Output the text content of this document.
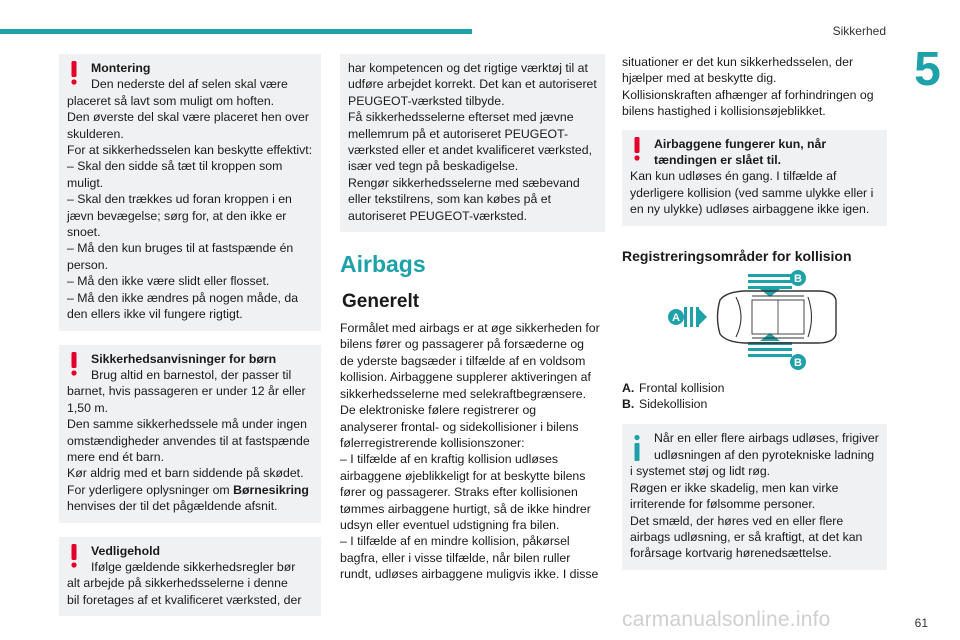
Sikkerhed
5
Montering
Den nederste del af selen skal være
placeret så lavt som muligt om hoften.
Den øverste del skal være placeret hen over
skulderen.
For at sikkerhedsselen kan beskytte effektivt:
– Skal den sidde så tæt til kroppen som
muligt.
– Skal den trækkes ud foran kroppen i en
jævn bevægelse; sørg for, at den ikke er
snoet.
– Må den kun bruges til at fastspænde én
person.
– Må den ikke være slidt eller flosset.
– Må den ikke ændres på nogen måde, da
den ellers ikke vil fungere rigtigt.
Sikkerhedsanvisninger for børn
Brug altid en barnestol, der passer til
barnet, hvis passageren er under 12 år eller
1,50 m.
Den samme sikkerhedssele må under ingen
omstændigheder anvendes til at fastspænde
mere end ét barn.
Kør aldrig med et barn siddende på skødet.
For yderligere oplysninger om Børnesikring
henvises der til det pågældende afsnit.
Vedligehold
Ifølge gældende sikkerhedsregler bør
alt arbejde på sikkerhedsselerne i denne
bil foretages af et kvalificeret værksted, der
har kompetencen og det rigtige værktøj til at
udføre arbejdet korrekt. Det kan et autoriseret
PEUGEOT-værksted tilbyde.
Få sikkerhedsselerne efterset med jævne
mellemrum på et autoriseret PEUGEOT-
værksted eller et andet kvalificeret værksted,
især ved tegn på beskadigelse.
Rengør sikkerhedsselerne med sæbevand
eller tekstilrens, som kan købes på et
autoriseret PEUGEOT-værksted.
Airbags
Generelt
Formålet med airbags er at øge sikkerheden for
bilens fører og passagerer på forsæderne og
de yderste bagsæder i tilfælde af en voldsom
kollision. Airbaggene supplerer aktiveringen af
sikkerhedsselerne med selekraftbegrænsere.
De elektroniske følere registrerer og
analyserer frontal- og sidekollisioner i bilens
følerregistrerende kollisionszoner:
– I tilfælde af en kraftig kollision udløses
airbaggene øjeblikkeligt for at beskytte bilens
fører og passagerer. Straks efter kollisionen
tømmes airbaggene hurtigt, så de ikke hindrer
udsyn eller eventuel udstigning fra bilen.
– I tilfælde af en mindre kollision, påkørsel
bagfra, eller i visse tilfælde, når bilen ruller
rundt, udløses airbaggene muligvis ikke. I disse
situationer er det kun sikkerhedsselen, der
hjælper med at beskytte dig.
Kollisionskraften afhænger af forhindringen og
bilens hastighed i kollisionsøjeblikket.
Airbaggene fungerer kun, når
tændingen er slået til.
Kan kun udløses én gang. I tilfælde af
yderligere kollision (ved samme ulykke eller i
en ny ulykke) udløses airbaggene ikke igen.
Registreringsområder for kollision
B
B
A
A. Frontal kollision
B. Sidekollision
Når en eller flere airbags udløses, frigiver
udløsningen af den pyrotekniske ladning
i systemet støj og lidt røg.
Røgen er ikke skadelig, men kan virke
irriterende for følsomme personer.
Det smæld, der høres ved en eller flere
airbags udløsning, er så kraftigt, at det kan
forårsage kortvarig hørenedsættelse.
carmanualsonline.info	61
